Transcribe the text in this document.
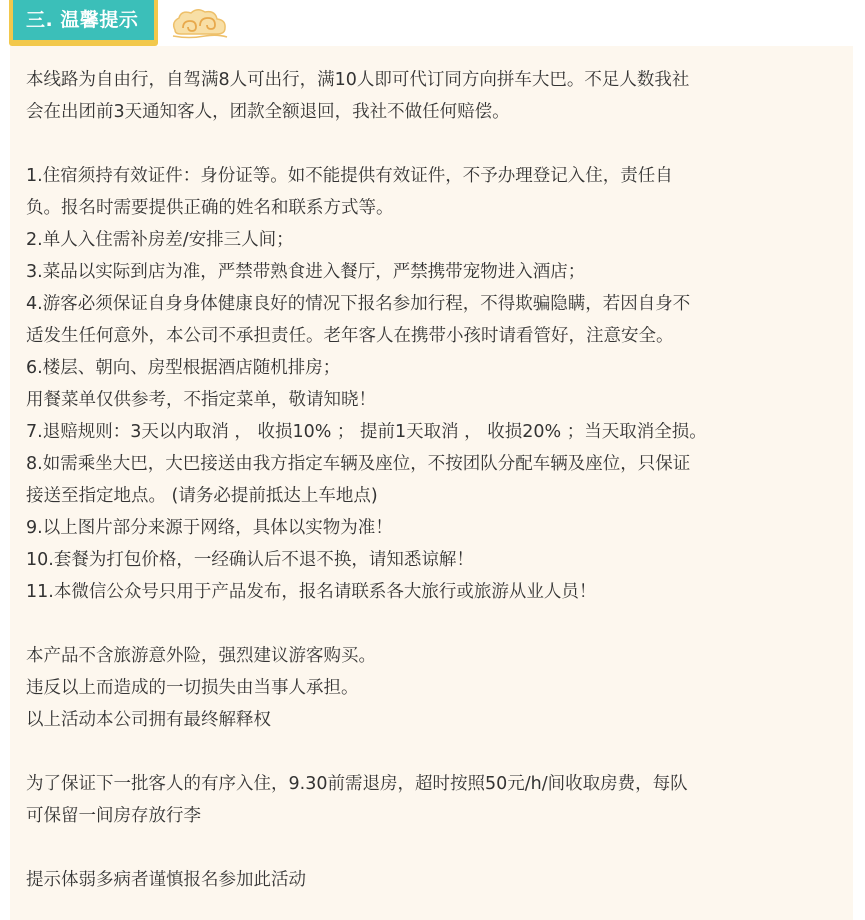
三. 温馨提示
本线路为自由行，自驾满8人可出行，满10人即可代订同方向拼车大巴。不足人数我社
会在出团前3天通知客人，团款全额退回，我社不做任何赔偿。
1.住宿须持有效证件：身份证等。如不能提供有效证件，不予办理登记入住，责任自
负。报名时需要提供正确的姓名和联系方式等。
2.单人入住需补房差/安排三人间；
3.菜品以实际到店为准，严禁带熟食进入餐厅，严禁携带宠物进入酒店；
4.游客必须保证自身身体健康良好的情况下报名参加行程，不得欺骗隐瞒，若因自身不
适发生任何意外，本公司不承担责任。老年客人在携带小孩时请看管好，注意安全。
6.楼层、朝向、房型根据酒店随机排房；
用餐菜单仅供参考，不指定菜单，敬请知晓！
7.退赔规则：3天以内取消 ， 收损10% ； 提前1天取消 ， 收损20% ；当天取消全损。
8.如需乘坐大巴，大巴接送由我方指定车辆及座位，不按团队分配车辆及座位，只保证
接送至指定地点。 (请务必提前抵达上车地点)
9.以上图片部分来源于网络，具体以实物为准！
10.套餐为打包价格，一经确认后不退不换，请知悉谅解！
11.本微信公众号只用于产品发布，报名请联系各大旅行或旅游从业人员！
本产品不含旅游意外险，强烈建议游客购买。
违反以上而造成的一切损失由当事人承担。
以上活动本公司拥有最终解释权
为了保证下一批客人的有序入住，9.30前需退房，超时按照50元/h/间收取房费，每队
可保留一间房存放行李
提示体弱多病者谨慎报名参加此活动
